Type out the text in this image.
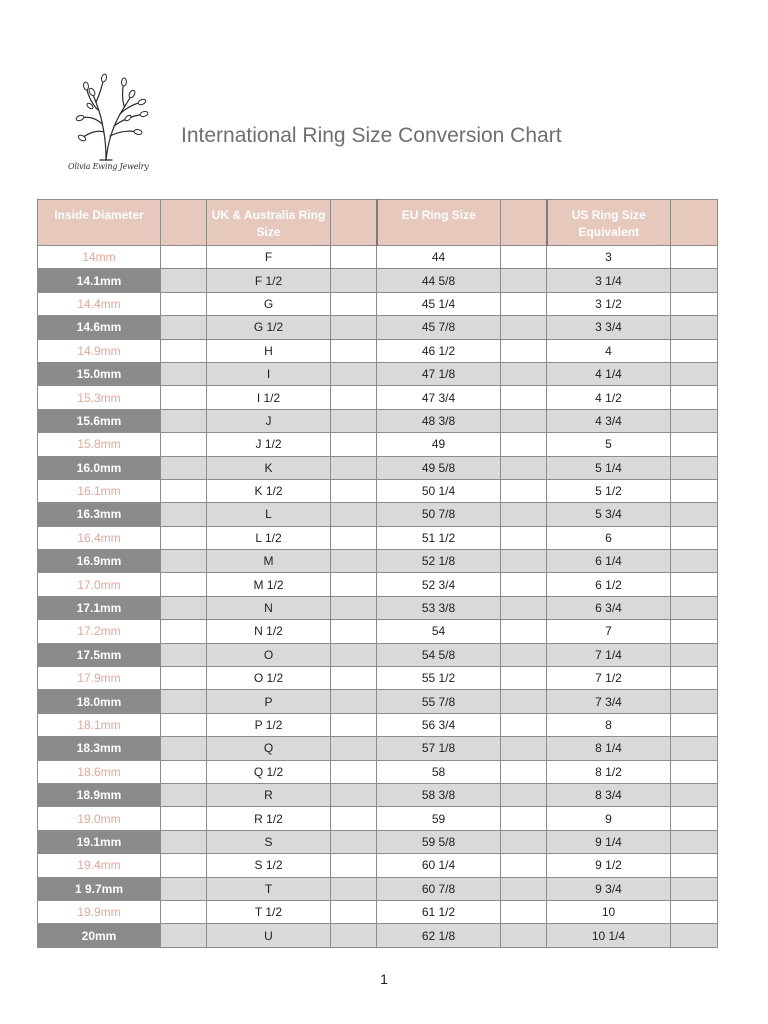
Olivia Ewing Jewelry
International Ring Size Conversion Chart
Inside Diameter		UK & Australia Ring Size		EU Ring Size		US Ring Size Equivalent	
14mm		F		44		3	
14.1mm		F 1/2		44 5/8		3 1/4	
14.4mm		G		45 1/4		3 1/2	
14.6mm		G 1/2		45 7/8		3 3/4	
14.9mm		H		46 1/2		4	
15.0mm		I		47 1/8		4 1/4	
15.3mm		I 1/2		47 3/4		4 1/2	
15.6mm		J		48 3/8		4 3/4	
15.8mm		J 1/2		49		5	
16.0mm		K		49 5/8		5 1/4	
16.1mm		K 1/2		50 1/4		5 1/2	
16.3mm		L		50 7/8		5 3/4	
16.4mm		L 1/2		51 1/2		6	
16.9mm		M		52 1/8		6 1/4	
17.0mm		M 1/2		52 3/4		6 1/2	
17.1mm		N		53 3/8		6 3/4	
17.2mm		N 1/2		54		7	
17.5mm		O		54 5/8		7 1/4	
17.9mm		O 1/2		55 1/2		7 1/2	
18.0mm		P		55 7/8		7 3/4	
18.1mm		P 1/2		56 3/4		8	
18.3mm		Q		57 1/8		8 1/4	
18.6mm		Q 1/2		58		8 1/2	
18.9mm		R		58 3/8		8 3/4	
19.0mm		R 1/2		59		9	
19.1mm		S		59 5/8		9 1/4	
19.4mm		S 1/2		60 1/4		9 1/2	
1 9.7mm		T		60 7/8		9 3/4	
19.9mm		T 1/2		61 1/2		10	
20mm		U		62 1/8		10 1/4	
1
